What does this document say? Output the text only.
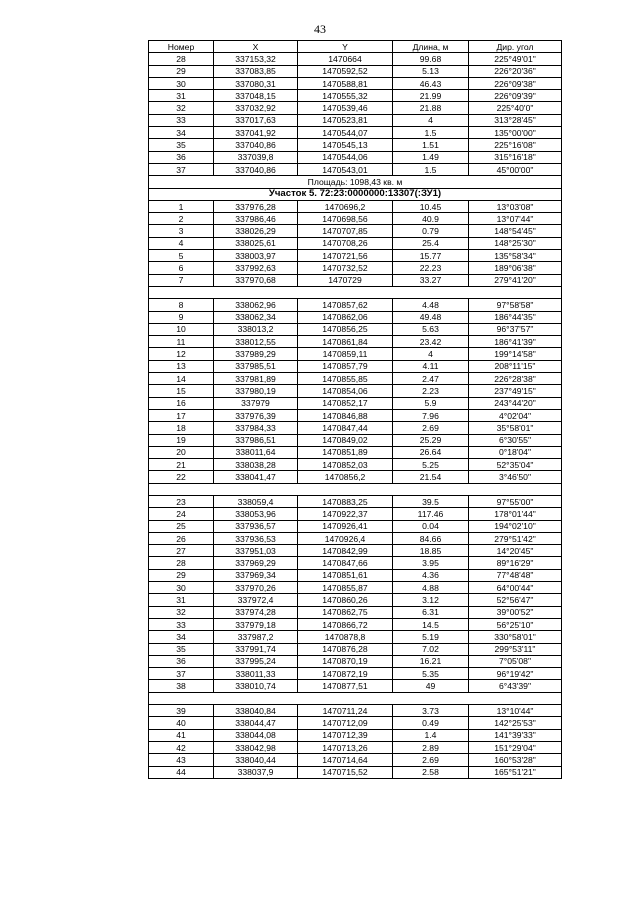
43
Номер	X	Y	Длина, м	Дир. угол
28	337153,32	1470664	99.68	225°49'01"
29	337083,85	1470592,52	5.13	226°20'36"
30	337080,31	1470588,81	46.43	226°09'38"
31	337048,15	1470555,32	21.99	226°09'39"
32	337032,92	1470539,46	21.88	225°40'0"
33	337017,63	1470523,81	4	313°28'45"
34	337041,92	1470544,07	1.5	135°00'00"
35	337040,86	1470545,13	1.51	225°16'08"
36	337039,8	1470544,06	1.49	315°16'18"
37	337040,86	1470543,01	1.5	45°00'00"
Площадь: 1098,43 кв. м				
Участок 5. 72:23:0000000:13307(:ЗУ1)				
1	337976,28	1470696,2	10.45	13°03'08"
2	337986,46	1470698,56	40.9	13°07'44"
3	338026,29	1470707,85	0.79	148°54'45"
4	338025,61	1470708,26	25.4	148°25'30"
5	338003,97	1470721,56	15.77	135°58'34"
6	337992,63	1470732,52	22.23	189°06'38"
7	337970,68	1470729	33.27	279°41'20"

8	338062,96	1470857,62	4.48	97°58'58"
9	338062,34	1470862,06	49.48	186°44'35"
10	338013,2	1470856,25	5.63	96°37'57"
11	338012,55	1470861,84	23.42	186°41'39"
12	337989,29	1470859,11	4	199°14'58"
13	337985,51	1470857,79	4.11	208°11'15"
14	337981,89	1470855,85	2.47	226°28'38"
15	337980,19	1470854,06	2.23	237°49'15"
16	337979	1470852,17	5.9	243°44'20"
17	337976,39	1470846,88	7.96	4°02'04"
18	337984,33	1470847,44	2.69	35°58'01"
19	337986,51	1470849,02	25.29	6°30'55"
20	338011,64	1470851,89	26.64	0°18'04"
21	338038,28	1470852,03	5.25	52°35'04"
22	338041,47	1470856,2	21.54	3°46'50"

23	338059,4	1470883,25	39.5	97°55'00"
24	338053,96	1470922,37	117.46	178°01'44"
25	337936,57	1470926,41	0.04	194°02'10"
26	337936,53	1470926,4	84.66	279°51'42"
27	337951,03	1470842,99	18.85	14°20'45"
28	337969,29	1470847,66	3.95	89°16'29"
29	337969,34	1470851,61	4.36	77°48'48"
30	337970,26	1470855,87	4.88	64°00'44"
31	337972,4	1470860,26	3.12	52°56'47"
32	337974,28	1470862,75	6.31	39°00'52"
33	337979,18	1470866,72	14.5	56°25'10"
34	337987,2	1470878,8	5.19	330°58'01"
35	337991,74	1470876,28	7.02	299°53'11"
36	337995,24	1470870,19	16.21	7°05'08"
37	338011,33	1470872,19	5.35	96°19'42"
38	338010,74	1470877,51	49	6°43'39"

39	338040,84	1470711,24	3.73	13°10'44"
40	338044,47	1470712,09	0.49	142°25'53"
41	338044,08	1470712,39	1.4	141°39'33"
42	338042,98	1470713,26	2.89	151°29'04"
43	338040,44	1470714,64	2.69	160°53'28"
44	338037,9	1470715,52	2.58	165°51'21"
